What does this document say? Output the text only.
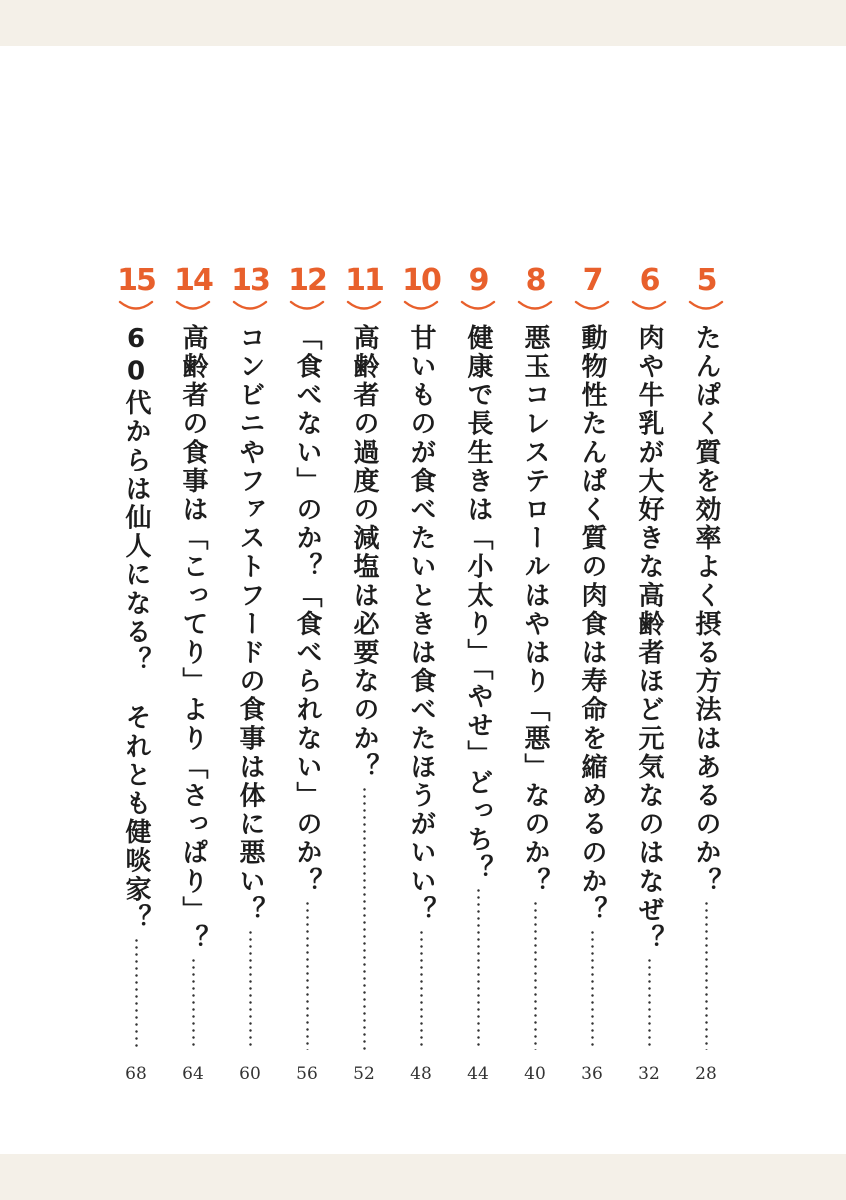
5
たんぱく質を効率よく摂る方法はあるのか？
28
6
肉や牛乳が大好きな高齢者ほど元気なのはなぜ？
32
7
動物性たんぱく質の肉食は寿命を縮めるのか？
36
8
悪玉コレステロールはやはり「悪」なのか？
40
9
健康で長生きは「小太り」「やせ」どっち？
44
10
甘いものが食べたいときは食べたほうがいい？
48
11
高齢者の過度の減塩は必要なのか？
52
12
「食べない」のか？「食べられない」のか？
56
13
コンビニやファストフードの食事は体に悪い？
60
14
高齢者の食事は「こってり」より「さっぱり」？
64
15
60代からは仙人になる？　それとも健啖家？
68
